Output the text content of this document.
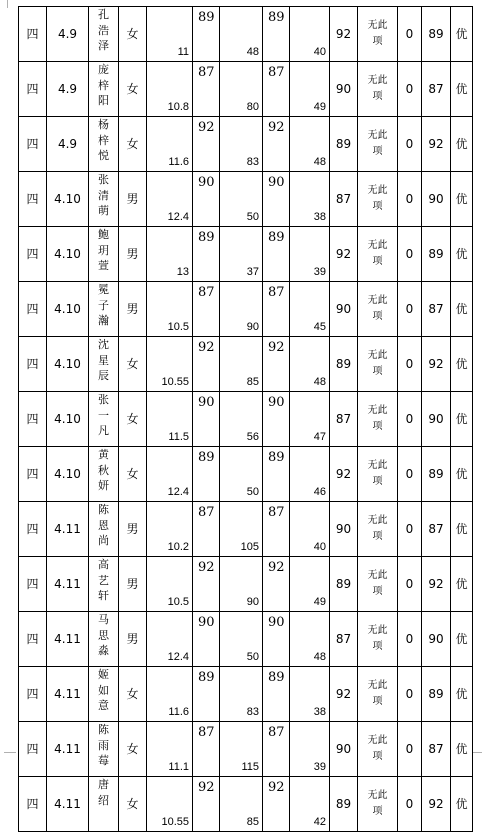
四	4.9	孔
浩
泽	女	11	89	48	89	40	92	无此
项	0	89	优
四	4.9	庞
梓
阳	女	10.8	87	80	87	49	90	无此
项	0	87	优
四	4.9	杨
梓
悦	女	11.6	92	83	92	48	89	无此
项	0	92	优
四	4.10	张
清
萌	男	12.4	90	50	90	38	87	无此
项	0	90	优
四	4.10	鲍
玥
萱	男	13	89	37	89	39	92	无此
项	0	89	优
四	4.10	冕
子
瀚	男	10.5	87	90	87	45	90	无此
项	0	87	优
四	4.10	沈
星
辰	女	10.55	92	85	92	48	89	无此
项	0	92	优
四	4.10	张
一
凡	女	11.5	90	56	90	47	87	无此
项	0	90	优
四	4.10	黄
秋
妍	女	12.4	89	50	89	46	92	无此
项	0	89	优
四	4.11	陈
恩
尚	男	10.2	87	105	87	40	90	无此
项	0	87	优
四	4.11	高
艺
轩	男	10.5	92	90	92	49	89	无此
项	0	92	优
四	4.11	马
思
淼	男	12.4	90	50	90	48	87	无此
项	0	90	优
四	4.11	姬
如
意	女	11.6	89	83	89	38	92	无此
项	0	89	优
四	4.11	陈
雨
莓	女	11.1	87	115	87	39	90	无此
项	0	87	优
四	4.11	唐
绍	女	10.55	92	85	92	42	89	无此
项	0	92	优
